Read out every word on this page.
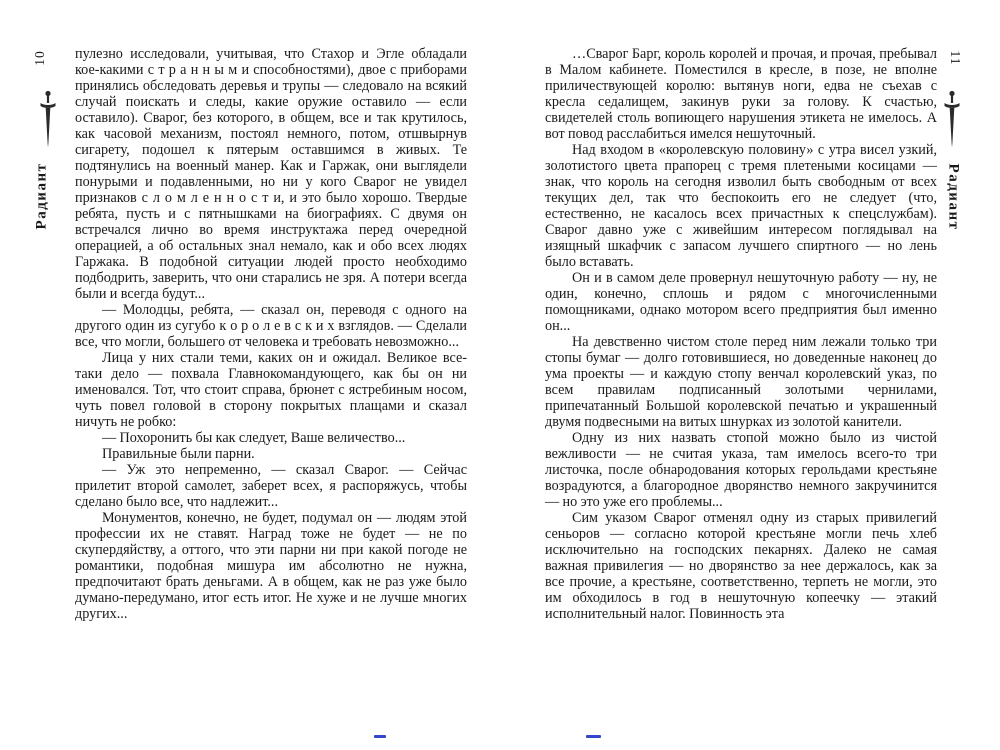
10
Радиант

пулезно исследовали, учитывая, что Стахор и Эгле обладали кое-какими с т р а н н ы м и способностями), двое с приборами принялись обследовать деревья и трупы — следовало на всякий случай поискать и следы, какие оружие оставило — если оставило). Сварог, без которого, в общем, все и так крутилось, как часовой механизм, постоял немного, потом, отшвырнув сигарету, подошел к пятерым оставшимся в живых. Те подтянулись на военный манер. Как и Гаржак, они выглядели понурыми и подавленными, но ни у кого Сварог не увидел признаков с л о м л е н н о с т и, и это было хорошо. Твердые ребята, пусть и с пятнышками на биографиях. С двумя он встречался лично во время инструктажа перед очередной операцией, а об остальных знал немало, как и обо всех людях Гаржака. В подобной ситуации людей просто необходимо подбодрить, заверить, что они старались не зря. А потери всегда были и всегда будут...

— Молодцы, ребята, — сказал он, переводя с одного на другого один из сугубо к о р о л е в с к и х взглядов. — Сделали все, что могли, большего от человека и требовать невозможно...

Лица у них стали теми, каких он и ожидал. Великое все-таки дело — похвала Главнокомандующего, как бы он ни именовался. Тот, что стоит справа, брюнет с ястребиным носом, чуть повел головой в сторону покрытых плащами и сказал ничуть не робко:

— Похоронить бы как следует, Ваше величество...

Правильные были парни.

— Уж это непременно, — сказал Сварог. — Сейчас прилетит второй самолет, заберет всех, я распоряжусь, чтобы сделано было все, что надлежит...

Монументов, конечно, не будет, подумал он — людям этой профессии их не ставят. Наград тоже не будет — не по скупердяйству, а оттого, что эти парни ни при какой погоде не романтики, подобная мишура им абсолютно не нужна, предпочитают брать деньгами. А в общем, как не раз уже было думано-передумано, итог есть итог. Не хуже и не лучше многих других...

…Сварог Барг, король королей и прочая, и прочая, пребывал в Малом кабинете. Поместился в кресле, в позе, не вполне приличествующей королю: вытянув ноги, едва не съехав с кресла седалищем, закинув руки за голову. К счастью, свидетелей столь вопиющего нарушения этикета не имелось. А вот повод расслабиться имелся нешуточный.

Над входом в «королевскую половину» с утра висел узкий, золотистого цвета прапорец с тремя плетеными косицами — знак, что король на сегодня изволил быть свободным от всех текущих дел, так что беспокоить его не следует (что, естественно, не касалось всех причастных к спецслужбам). Сварог давно уже с живейшим интересом поглядывал на изящный шкафчик с запасом лучшего спиртного — но лень было вставать.

Он и в самом деле провернул нешуточную работу — ну, не один, конечно, сплошь и рядом с многочисленными помощниками, однако мотором всего предприятия был именно он...

На девственно чистом столе перед ним лежали только три стопы бумаг — долго готовившиеся, но доведенные наконец до ума проекты — и каждую стопу венчал королевский указ, по всем правилам подписанный золотыми чернилами, припечатанный Большой королевской печатью и украшенный двумя подвесными на витых шнурках из золотой канители.

Одну из них назвать стопой можно было из чистой вежливости — не считая указа, там имелось всего-то три листочка, после обнародования которых герольдами крестьяне возрадуются, а благородное дворянство немного закручинится — но это уже его проблемы...

Сим указом Сварог отменял одну из старых привилегий сеньоров — согласно которой крестьяне могли печь хлеб исключительно на господских пекарнях. Далеко не самая важная привилегия — но дворянство за нее держалось, как за все прочие, а крестьяне, соответственно, терпеть не могли, это им обходилось в год в нешуточную копеечку — этакий исполнительный налог. Повинность эта

11
Радиант
